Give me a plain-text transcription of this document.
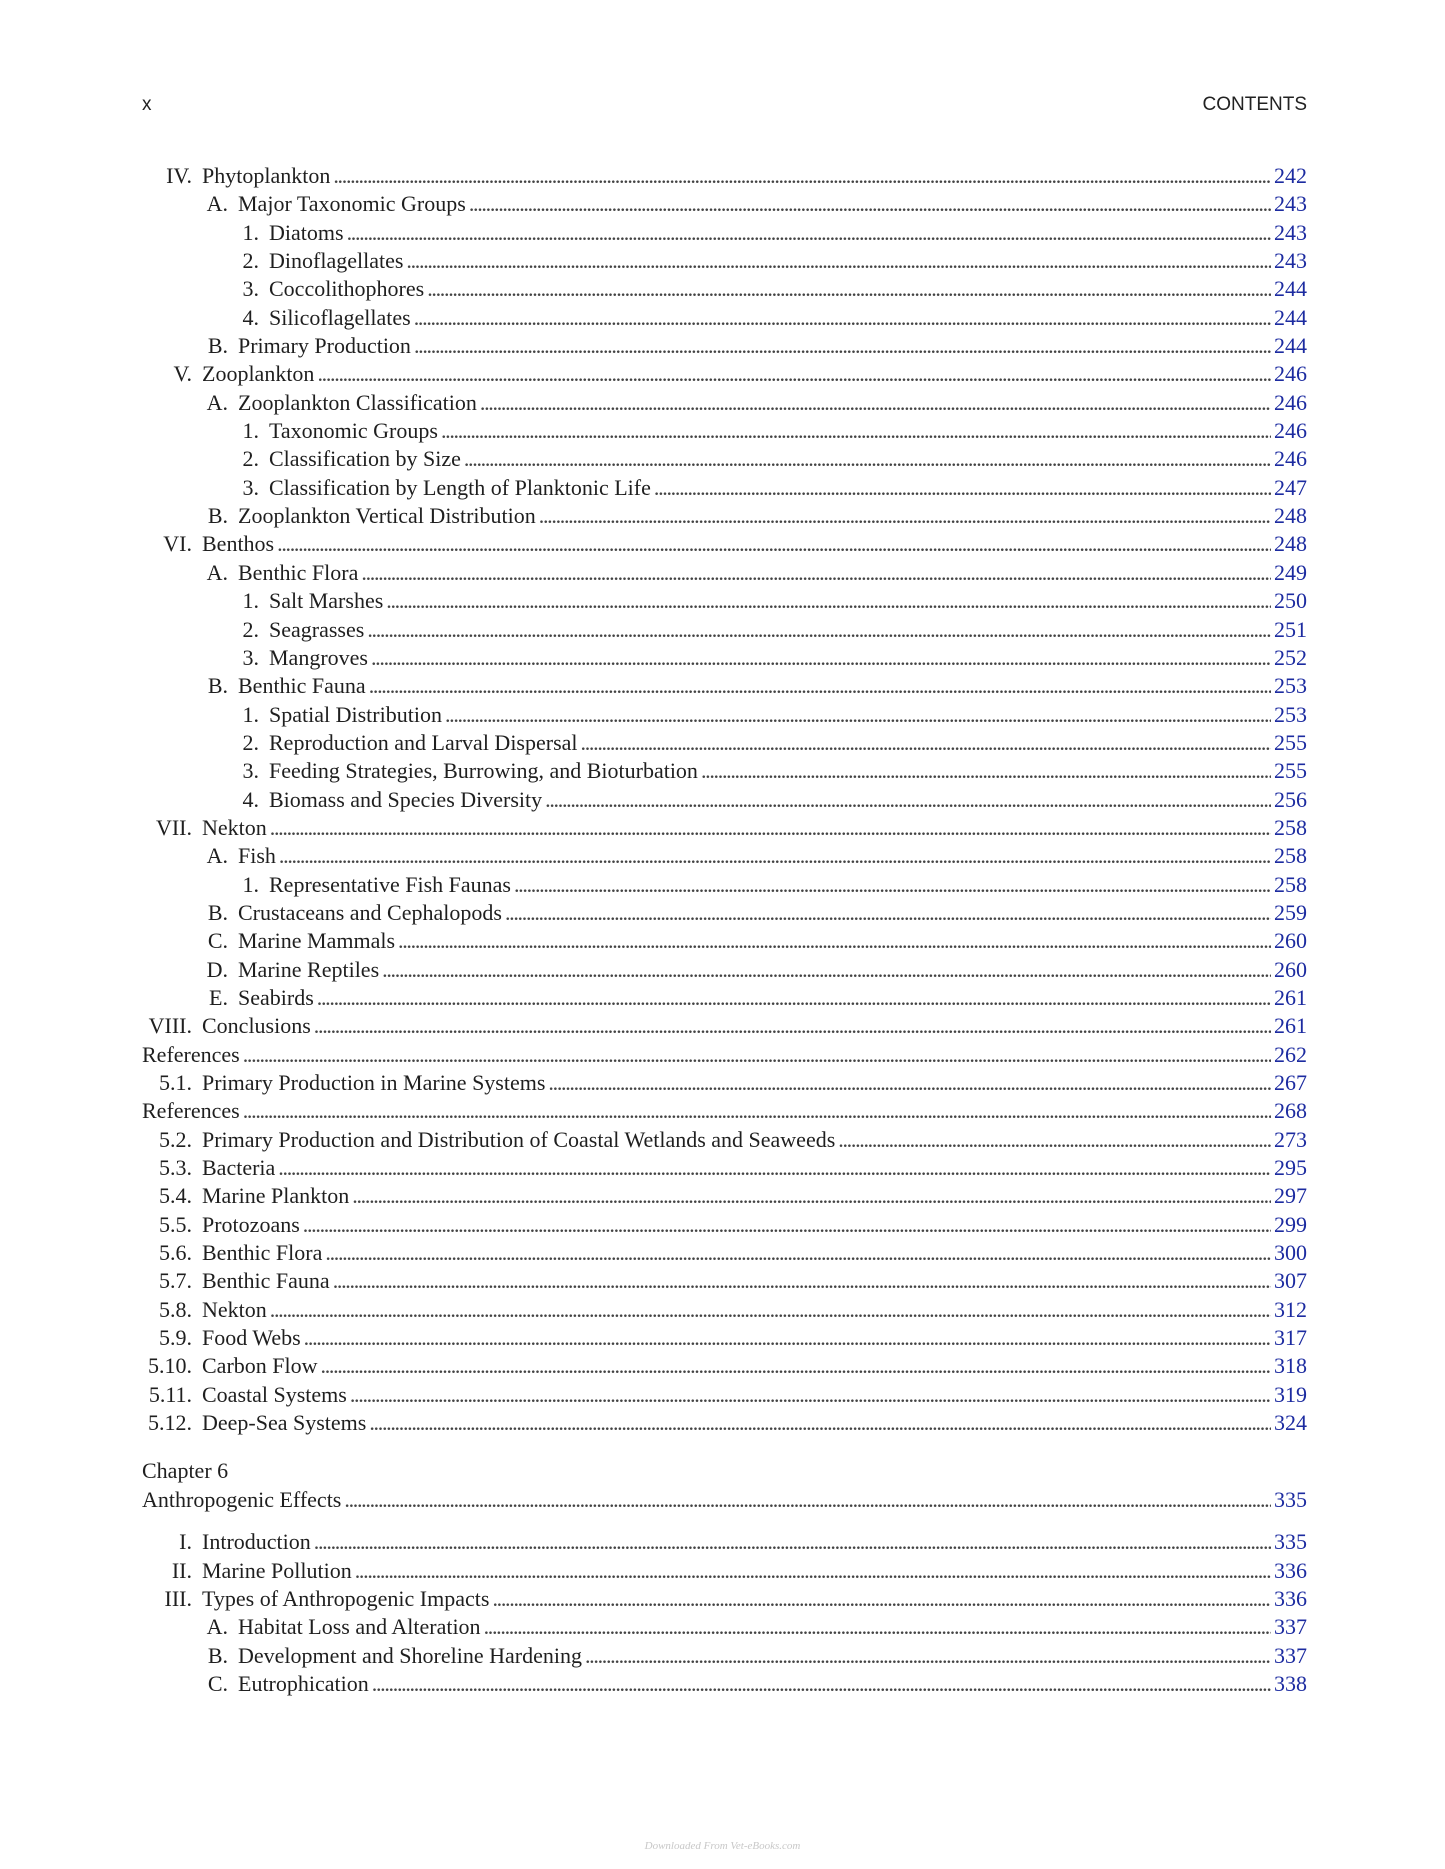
x	CONTENTS
IV. Phytoplankton . . .	242
A. Major Taxonomic Groups . . .	243
1. Diatoms . . .	243
2. Dinoflagellates . . .	243
3. Coccolithophores . . .	244
4. Silicoflagellates . . .	244
B. Primary Production . . .	244
V. Zooplankton . . .	246
A. Zooplankton Classification . . .	246
1. Taxonomic Groups . . .	246
2. Classification by Size . . .	246
3. Classification by Length of Planktonic Life . . .	247
B. Zooplankton Vertical Distribution . . .	248
VI. Benthos . . .	248
A. Benthic Flora . . .	249
1. Salt Marshes . . .	250
2. Seagrasses . . .	251
3. Mangroves . . .	252
B. Benthic Fauna . . .	253
1. Spatial Distribution . . .	253
2. Reproduction and Larval Dispersal . . .	255
3. Feeding Strategies, Burrowing, and Bioturbation . . .	255
4. Biomass and Species Diversity . . .	256
VII. Nekton . . .	258
A. Fish . . .	258
1. Representative Fish Faunas . . .	258
B. Crustaceans and Cephalopods . . .	259
C. Marine Mammals . . .	260
D. Marine Reptiles . . .	260
E. Seabirds . . .	261
VIII. Conclusions . . .	261
References . . .	262
5.1. Primary Production in Marine Systems . . .	267
References . . .	268
5.2. Primary Production and Distribution of Coastal Wetlands and Seaweeds . . .	273
5.3. Bacteria . . .	295
5.4. Marine Plankton . . .	297
5.5. Protozoans . . .	299
5.6. Benthic Flora . . .	300
5.7. Benthic Fauna . . .	307
5.8. Nekton . . .	312
5.9. Food Webs . . .	317
5.10. Carbon Flow . . .	318
5.11. Coastal Systems . . .	319
5.12. Deep-Sea Systems . . .	324
Chapter 6
Anthropogenic Effects . . .	335
I. Introduction . . .	335
II. Marine Pollution . . .	336
III. Types of Anthropogenic Impacts . . .	336
A. Habitat Loss and Alteration . . .	337
B. Development and Shoreline Hardening . . .	337
C. Eutrophication . . .	338
Downloaded From Vet-eBooks.com
